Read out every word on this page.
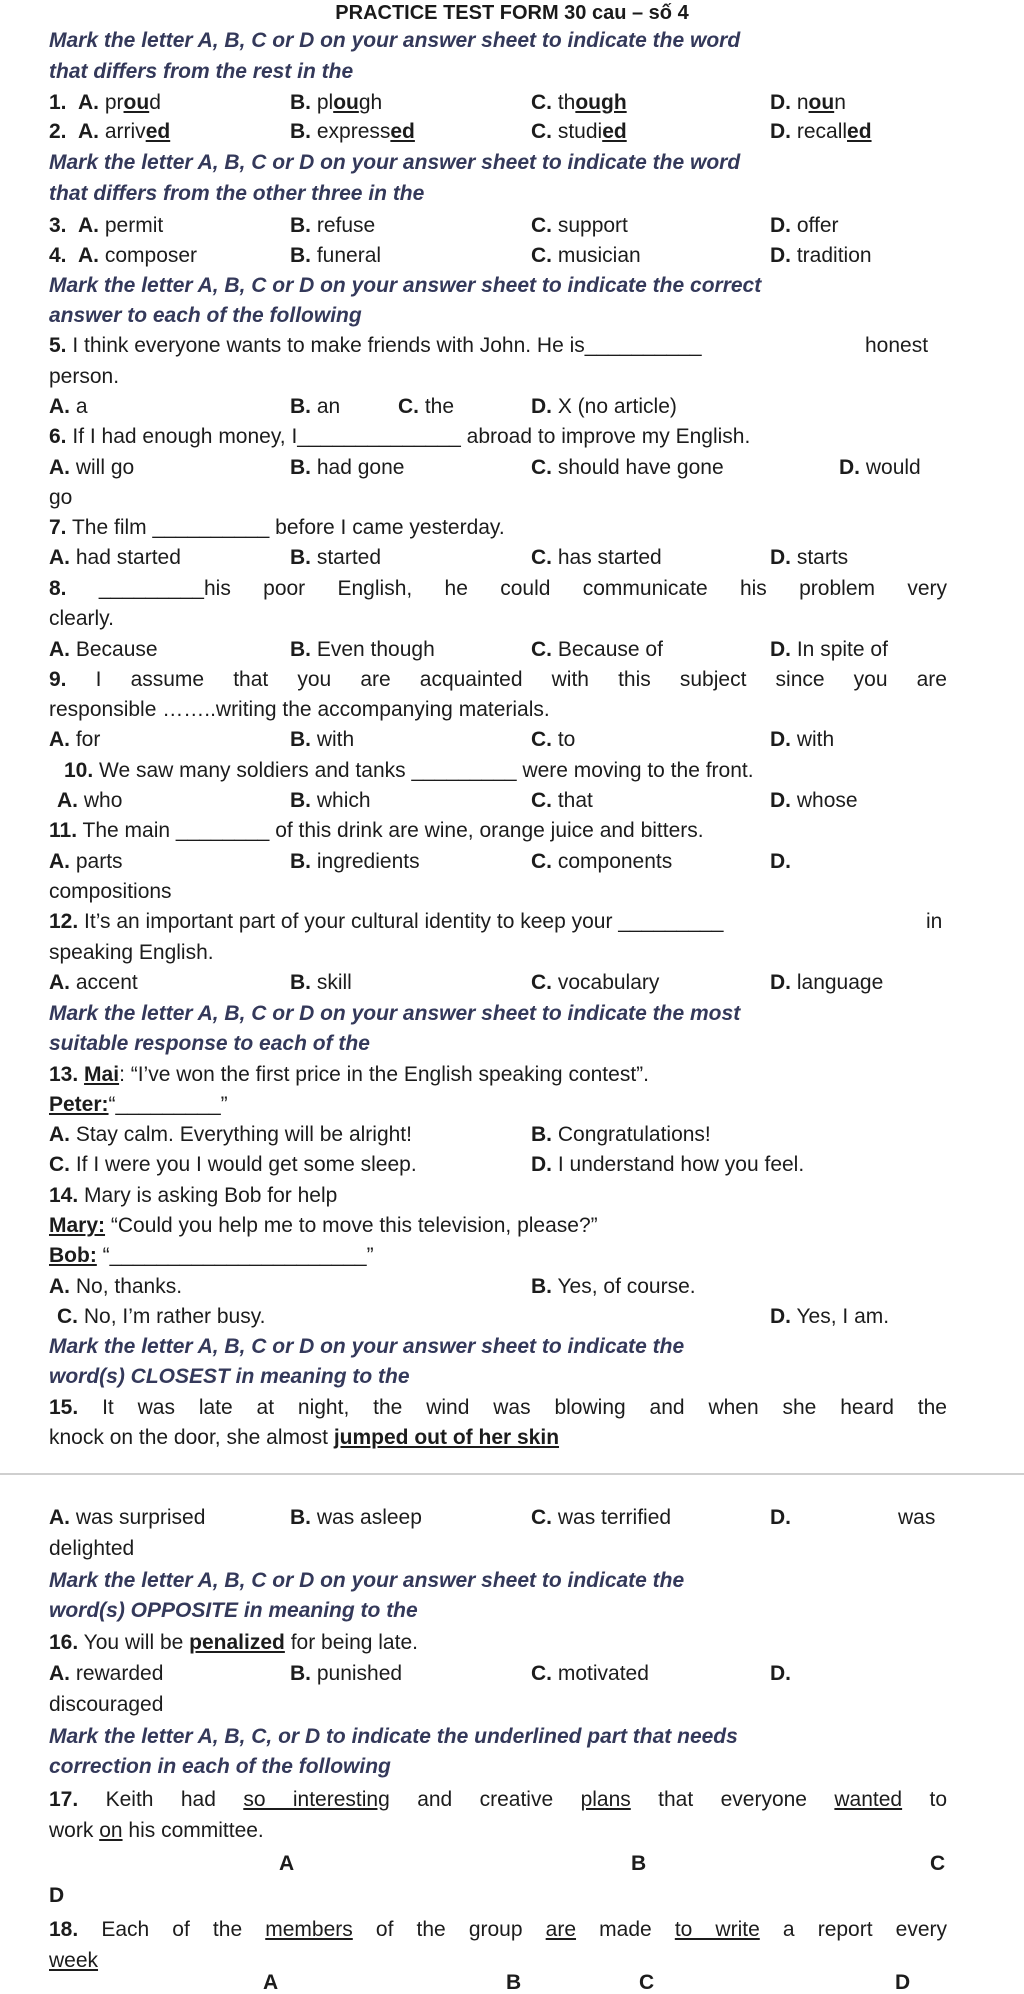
PRACTICE TEST FORM 30 cau – số 4
Mark the letter A, B, C or D on your answer sheet to indicate the word
that differs from the rest in the
1. A. proud	B. plough	C. though	D. noun
2. A. arrived	B. expressed	C. studied	D. recalled
Mark the letter A, B, C or D on your answer sheet to indicate the word
that differs from the other three in the
3. A. permit	B. refuse	C. support	D. offer
4. A. composer	B. funeral	C. musician	D. tradition
Mark the letter A, B, C or D on your answer sheet to indicate the correct
answer to each of the following
5. I think everyone wants to make friends with John. He is__________	honest
person.
A. a	B. an	C. the	D. X (no article)
6. If I had enough money, I______________ abroad to improve my English.
A. will go	B. had gone	C. should have gone	D. would
go
7. The film __________ before I came yesterday.
A. had started	B. started	C. has started	D. starts
8. _________his poor English, he could communicate his problem very
clearly.
A. Because	B. Even though	C. Because of	D. In spite of
9. I assume that you are acquainted with this subject since you are
responsible ……..writing the accompanying materials.
A. for	B. with	C. to	D. with
10. We saw many soldiers and tanks _________ were moving to the front.
A. who	B. which	C. that	D. whose
11. The main ________ of this drink are wine, orange juice and bitters.
A. parts	B. ingredients	C. components	D.
compositions
12. It’s an important part of your cultural identity to keep your _________	in
speaking English.
A. accent	B. skill	C. vocabulary	D. language
Mark the letter A, B, C or D on your answer sheet to indicate the most
suitable response to each of the
13. Mai: “I’ve won the first price in the English speaking contest”.
Peter:“_________”
A. Stay calm. Everything will be alright!	B. Congratulations!
C. If I were you I would get some sleep.	D. I understand how you feel.
14. Mary is asking Bob for help
Mary: “Could you help me to move this television, please?”
Bob: “______________________”
A. No, thanks.	B. Yes, of course.
C. No, I’m rather busy.	D. Yes, I am.
Mark the letter A, B, C or D on your answer sheet to indicate the
word(s) CLOSEST in meaning to the
15. It was late at night, the wind was blowing and when she heard the
knock on the door, she almost jumped out of her skin
A. was surprised	B. was asleep	C. was terrified	D.	was
delighted
Mark the letter A, B, C or D on your answer sheet to indicate the
word(s) OPPOSITE in meaning to the
16. You will be penalized for being late.
A. rewarded	B. punished	C. motivated	D.
discouraged
Mark the letter A, B, C, or D to indicate the underlined part that needs
correction in each of the following
17. Keith had so interesting and creative plans that everyone wanted to
work on his committee.
A	B	C
D
18. Each of the members of the group are made to write a report every
week
A	B	C	D
